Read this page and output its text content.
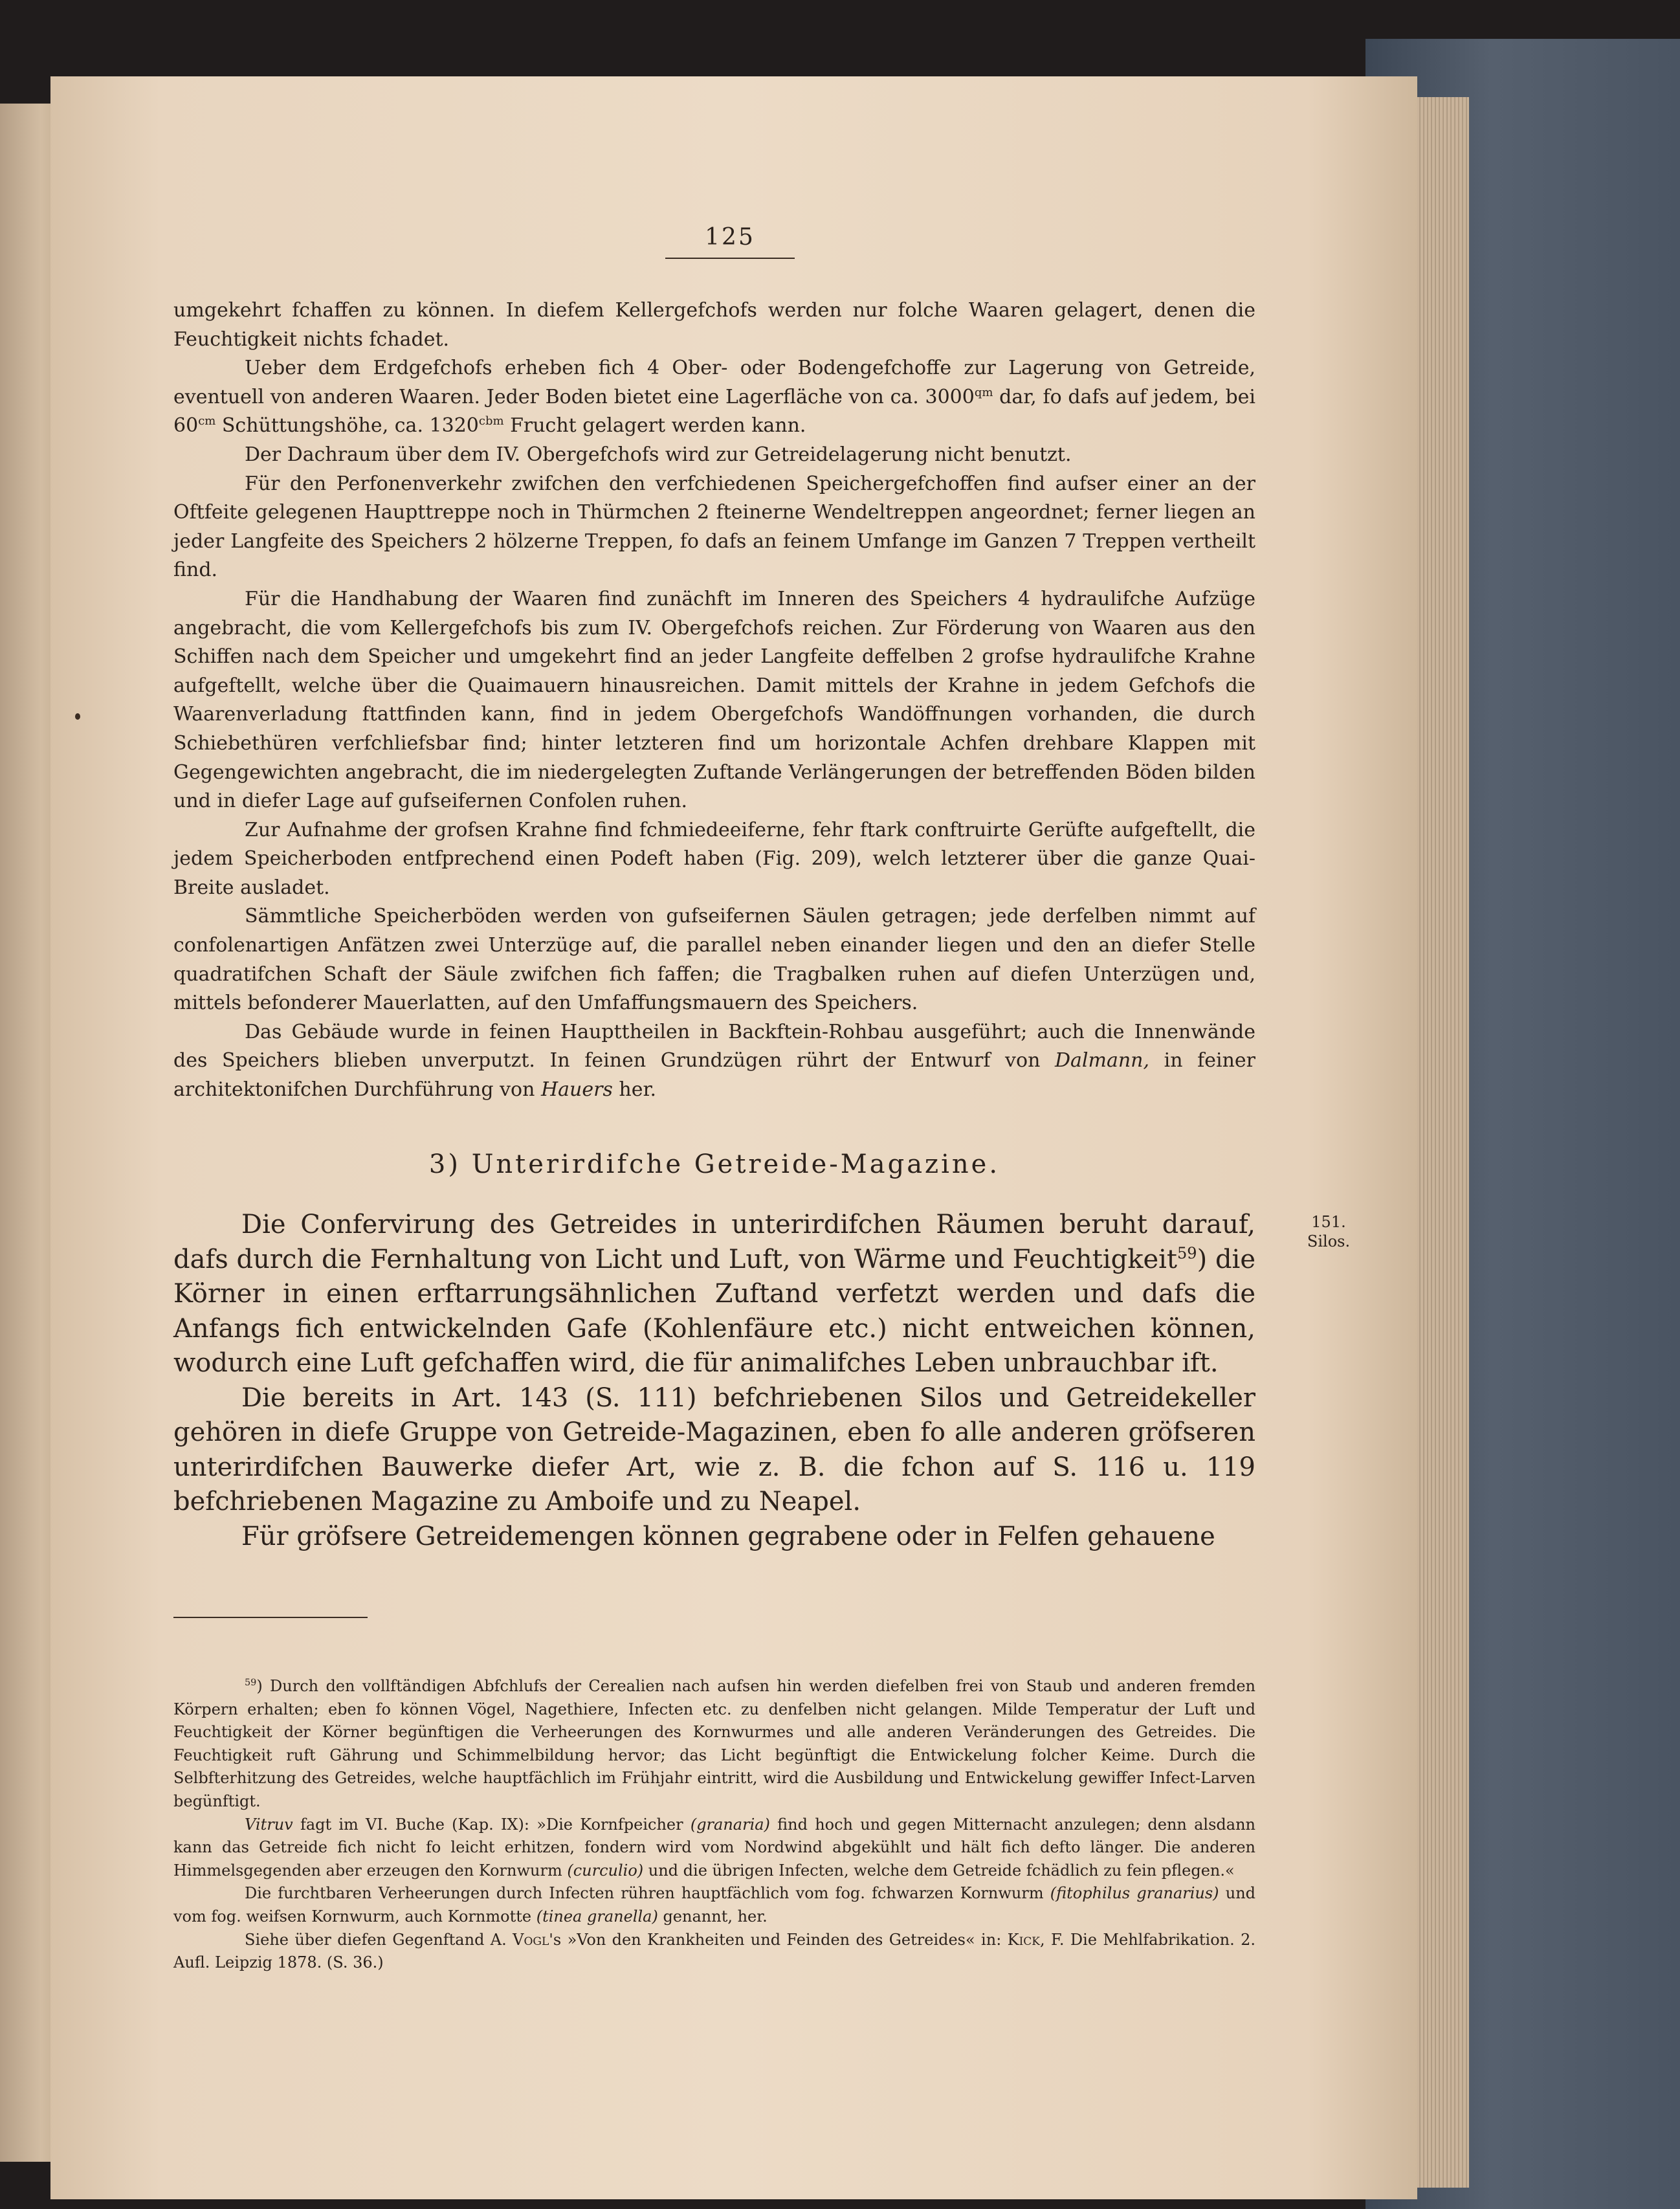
125

umgekehrt fchaffen zu können. In diefem Kellergefchofs werden nur folche Waaren gelagert, denen die Feuchtigkeit nichts fchadet.

Ueber dem Erdgefchofs erheben fich 4 Ober- oder Bodengefchoffe zur Lagerung von Getreide, eventuell von anderen Waaren. Jeder Boden bietet eine Lagerfläche von ca. $3000^{qm}$ dar, fo dafs auf jedem, bei $60^{cm}$ Schüttungshöhe, ca. $1320^{cbm}$ Frucht gelagert werden kann.

Der Dachraum über dem IV. Obergefchofs wird zur Getreidelagerung nicht benutzt.

Für den Perfonenverkehr zwifchen den verfchiedenen Speichergefchoffen find aufser einer an der Oftfeite gelegenen Haupttreppe noch in Thürmchen 2 fteinerne Wendeltreppen angeordnet; ferner liegen an jeder Langfeite des Speichers 2 hölzerne Treppen, fo dafs an feinem Umfange im Ganzen 7 Treppen vertheilt find.

Für die Handhabung der Waaren find zunächft im Inneren des Speichers 4 hydraulifche Aufzüge angebracht, die vom Kellergefchofs bis zum IV. Obergefchofs reichen. Zur Förderung von Waaren aus den Schiffen nach dem Speicher und umgekehrt find an jeder Langfeite deffelben 2 grofse hydraulifche Krahne aufgeftellt, welche über die Quaimauern hinausreichen. Damit mittels der Krahne in jedem Gefchofs die Waarenverladung ftattfinden kann, find in jedem Obergefchofs Wandöffnungen vorhanden, die durch Schiebethüren verfchliefsbar find; hinter letzteren find um horizontale Achfen drehbare Klappen mit Gegengewichten angebracht, die im niedergelegten Zuftande Verlängerungen der betreffenden Böden bilden und in diefer Lage auf gufseifernen Confolen ruhen.

Zur Aufnahme der grofsen Krahne find fchmiedeeiferne, fehr ftark conftruirte Gerüfte aufgeftellt, die jedem Speicherboden entfprechend einen Podeft haben (Fig. 209), welch letzterer über die ganze Quai-Breite ausladet.

Sämmtliche Speicherböden werden von gufseifernen Säulen getragen; jede derfelben nimmt auf confolenartigen Anfätzen zwei Unterzüge auf, die parallel neben einander liegen und den an diefer Stelle quadratifchen Schaft der Säule zwifchen fich faffen; die Tragbalken ruhen auf diefen Unterzügen und, mittels befonderer Mauerlatten, auf den Umfaffungsmauern des Speichers.

Das Gebäude wurde in feinen Haupttheilen in Backftein-Rohbau ausgeführt; auch die Innenwände des Speichers blieben unverputzt. In feinen Grundzügen rührt der Entwurf von Dalmann, in feiner architektonifchen Durchführung von Hauers her.

3) Unterirdifche Getreide-Magazine.
151.
Silos.

Die Confervirung des Getreides in unterirdifchen Räumen beruht darauf, dafs durch die Fernhaltung von Licht und Luft, von Wärme und Feuchtigkeit$^{59}$) die Körner in einen erftarrungsähnlichen Zuftand verfetzt werden und dafs die Anfangs fich entwickelnden Gafe (Kohlenfäure etc.) nicht entweichen können, wodurch eine Luft gefchaffen wird, die für animalifches Leben unbrauchbar ift.

Die bereits in Art. 143 (S. 111) befchriebenen Silos und Getreidekeller gehören in diefe Gruppe von Getreide-Magazinen, eben fo alle anderen gröfseren unterirdifchen Bauwerke diefer Art, wie z. B. die fchon auf S. 116 u. 119 befchriebenen Magazine zu Amboife und zu Neapel.

Für gröfsere Getreidemengen können gegrabene oder in Felfen gehauene

$^{59}$) Durch den vollftändigen Abfchlufs der Cerealien nach aufsen hin werden diefelben frei von Staub und anderen fremden Körpern erhalten; eben fo können Vögel, Nagethiere, Infecten etc. zu denfelben nicht gelangen. Milde Temperatur der Luft und Feuchtigkeit der Körner begünftigen die Verheerungen des Kornwurmes und alle anderen Veränderungen des Getreides. Die Feuchtigkeit ruft Gährung und Schimmelbildung hervor; das Licht begünftigt die Entwickelung folcher Keime. Durch die Selbfterhitzung des Getreides, welche hauptfächlich im Frühjahr eintritt, wird die Ausbildung und Entwickelung gewiffer Infect-Larven begünftigt.

Vitruv fagt im VI. Buche (Kap. IX): »Die Kornfpeicher (granaria) find hoch und gegen Mitternacht anzulegen; denn alsdann kann das Getreide fich nicht fo leicht erhitzen, fondern wird vom Nordwind abgekühlt und hält fich defto länger. Die anderen Himmelsgegenden aber erzeugen den Kornwurm (curculio) und die übrigen Infecten, welche dem Getreide fchädlich zu fein pflegen.«

Die furchtbaren Verheerungen durch Infecten rühren hauptfächlich vom fog. fchwarzen Kornwurm (fitophilus granarius) und vom fog. weifsen Kornwurm, auch Kornmotte (tinea granella) genannt, her.

Siehe über diefen Gegenftand A. Vogl's »Von den Krankheiten und Feinden des Getreides« in: Kick, F. Die Mehlfabrikation. 2. Aufl. Leipzig 1878. (S. 36.)
